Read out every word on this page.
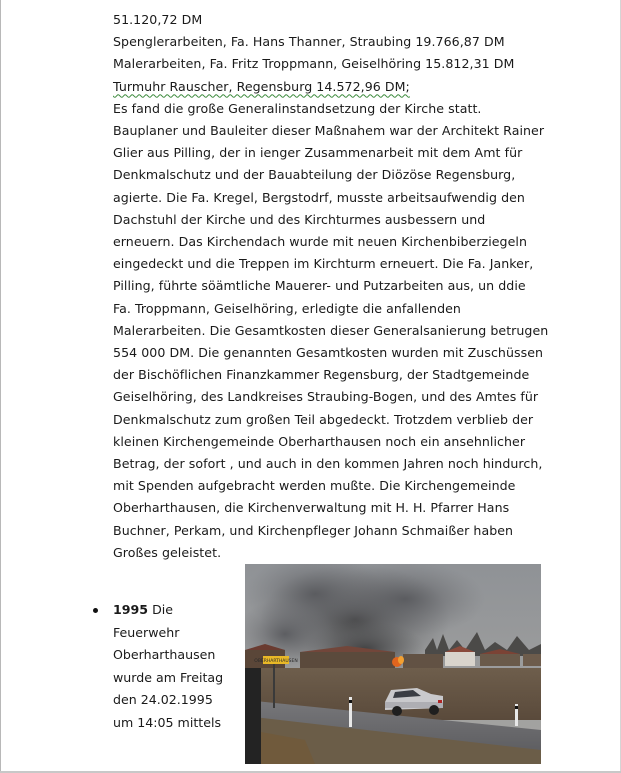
51.120,72 DM
Spenglerarbeiten, Fa. Hans Thanner, Straubing 19.766,87 DM
Malerarbeiten, Fa. Fritz Troppmann, Geiselhöring 15.812,31 DM
Turmuhr Rauscher, Regensburg 14.572,96 DM;
Es fand die große Generalinstandsetzung der Kirche statt.
Bauplaner und Bauleiter dieser Maßnahem war der Architekt Rainer
Glier aus Pilling, der in ienger Zusammenarbeit mit dem Amt für
Denkmalschutz und der Bauabteilung der Diözöse Regensburg,
agierte. Die Fa. Kregel, Bergstodrf, musste arbeitsaufwendig den
Dachstuhl der Kirche und des Kirchturmes ausbessern und
erneuern. Das Kirchendach wurde mit neuen Kirchenbiberziegeln
eingedeckt und die Treppen im Kirchturm erneuert. Die Fa. Janker,
Pilling, führte söämtliche Mauerer- und Putzarbeiten aus, un ddie
Fa. Troppmann, Geiselhöring, erledigte die anfallenden
Malerarbeiten. Die Gesamtkosten dieser Generalsanierung betrugen
554 000 DM. Die genannten Gesamtkosten wurden mit Zuschüssen
der Bischöflichen Finanzkammer Regensburg, der Stadtgemeinde
Geiselhöring, des Landkreises Straubing-Bogen, und des Amtes für
Denkmalschutz zum großen Teil abgedeckt. Trotzdem verblieb der
kleinen Kirchengemeinde Oberharthausen noch ein ansehnlicher
Betrag, der sofort , und auch in den kommen Jahren noch hindurch,
mit Spenden aufgebracht werden mußte. Die Kirchengemeinde
Oberharthausen, die Kirchenverwaltung mit H. H. Pfarrer Hans
Buchner, Perkam, und Kirchenpfleger Johann Schmaißer haben
Großes geleistet.
OBERHARTHAUSEN
1995 Die
Feuerwehr
Oberharthausen
wurde am Freitag
den 24.02.1995
um 14:05 mittels
